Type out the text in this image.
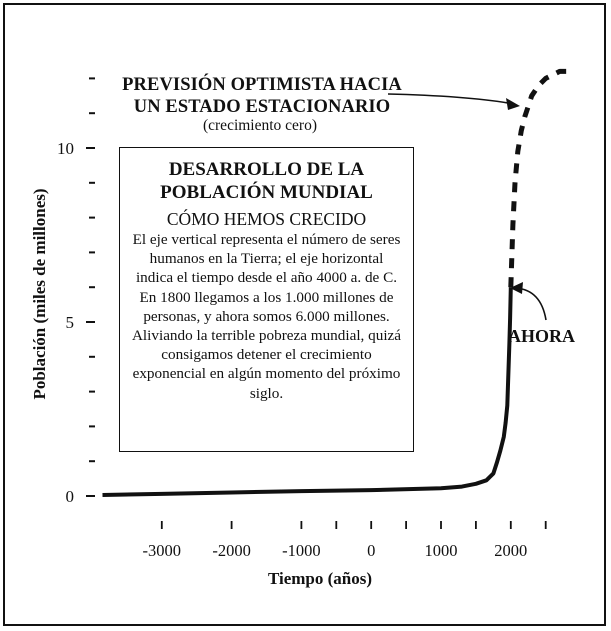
0
5
10
-3000 -2000 -1000	0	1000 2000
PREVISIÓN OPTIMISTA HACIA UN ESTADO ESTACIONARIO
(crecimiento cero)
AHORA
DESARROLLO DE LA POBLACIÓN MUNDIAL
CÓMO HEMOS CRECIDO
El eje vertical representa el número de seres humanos en la Tierra; el eje horizontal indica el tiempo desde el año 4000 a. de C. En 1800 llegamos a los 1.000 millones de personas, y ahora somos 6.000 millones. Aliviando la terrible pobreza mundial, quizá consigamos detener el crecimiento exponencial en algún momento del próximo siglo.
Población (miles de millones)
Tiempo (años)
